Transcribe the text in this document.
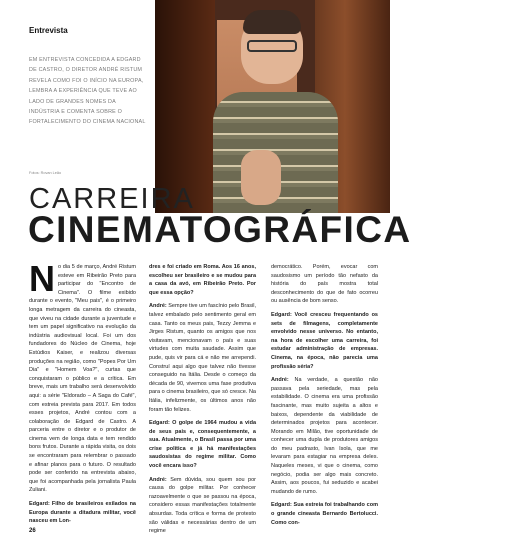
Entrevista
EM ENTREVISTA CONCEDIDA A EDGARD DE CASTRO, O DIRETOR ANDRÉ RISTUM REVELA COMO FOI O INÍCIO NA EUROPA, LEMBRA A EXPERIÊNCIA QUE TEVE AO LADO DE GRANDES NOMES DA INDÚSTRIA E COMENTA SOBRE O FORTALECIMENTO DO CINEMA NACIONAL
Fotos: Rovan Leão	André foi um dos fundadores do Núcleo de Cinema da cidade, hoje Estúdios Kaiser, que realizou diversas produções na região
CARREIRA
CINEMATOGRÁFICA

No dia 5 de março, André Ristum esteve em Ribeirão Preto para participar do "Encontro de Cinema". O filme exibido durante o evento, "Meu pais", é o primeiro longa metragem da carreira do cineasta, que viveu na cidade durante a juventude e tem um papel significativo na evolução da indústria audiovisual local. Foi um dos fundadores do Núcleo de Cinema, hoje Estúdios Kaiser, e realizou diversas produções na região, como "Popes Por Um Dia" e "Homem Voa?", curtas que conquistaram o público e a crítica. Em breve, mais um trabalho será desenvolvido aqui: a série "Eldorado – A Saga do Café", com estreia prevista para 2017. Em todos esses projetos, André contou com a colaboração de Edgard de Castro. A parceria entre o diretor e o produtor de cinema vem de longa data e tem rendido bons frutos. Durante a rápida visita, os dois se encontraram para relembrar o passado e afinar planos para o futuro. O resultado pode ser conferido na entrevista abaixo, que foi acompanhada pela jornalista Paula Zuliani.

Edgard: Filho de brasileiros exilados na Europa durante a ditadura militar, você nasceu em Lon-

dres e foi criado em Roma. Aos 16 anos, escolheu ser brasileiro e se mudou para a casa da avó, em Ribeirão Preto. Por que essa opção?

André: Sempre tive um fascínio pelo Brasil, talvez embalado pelo sentimento geral em casa. Tanto os meus pais, Tezzy Jemma e Jirges Ristum, quanto os amigos que nos visitavam, mencionavam o país e suas virtudes com muita saudade. Assim que pude, quis vir para cá e não me arrependi. Construí aqui algo que talvez não tivesse conseguido na Itália. Desde o começo da década de 90, vivemos uma fase produtiva para o cinema brasileiro, que só cresce. Na Itália, infelizmente, os últimos anos não foram tão felizes.

Edgard: O golpe de 1964 mudou a vida de seus pais e, consequentemente, a sua. Atualmente, o Brasil passa por uma crise política e já há manifestações saudosistas do regime militar. Como você encara isso?

André: Sem dúvida, sou quem sou por causa do golpe militar. Por conhecer razoavelmente o que se passou na época, considero essas manifestações totalmente absurdas. Toda crítica e forma de protesto são válidas e necessárias dentro de um regime

democrático. Porém, evocar com saudosismo um período tão nefasto da história do país mostra total desconhecimento do que de fato ocorreu ou ausência de bom senso.

Edgard: Você cresceu frequentando os sets de filmagens, completamente envolvido nesse universo. No entanto, na hora de escolher uma carreira, foi estudar administração de empresas. Cinema, na época, não parecia uma profissão séria?

André: Na verdade, a questão não passava pela seriedade, mas pela estabilidade. O cinema era uma profissão fascinante, mas muito sujeita a altos e baixos, dependente da viabilidade de determinados projetos para acontecer. Morando em Milão, tive oportunidade de conhecer uma dupla de produtores amigos do meu padrasto, Ivan Isola, que me levaram para estagiar na empresa deles. Naqueles meses, vi que o cinema, como negócio, podia ser algo mais concreto. Assim, aos poucos, fui seduzido e acabei mudando de rumo.

Edgard: Sua estreia foi trabalhando com o grande cineasta Bernardo Bertolucci. Como con-

26
